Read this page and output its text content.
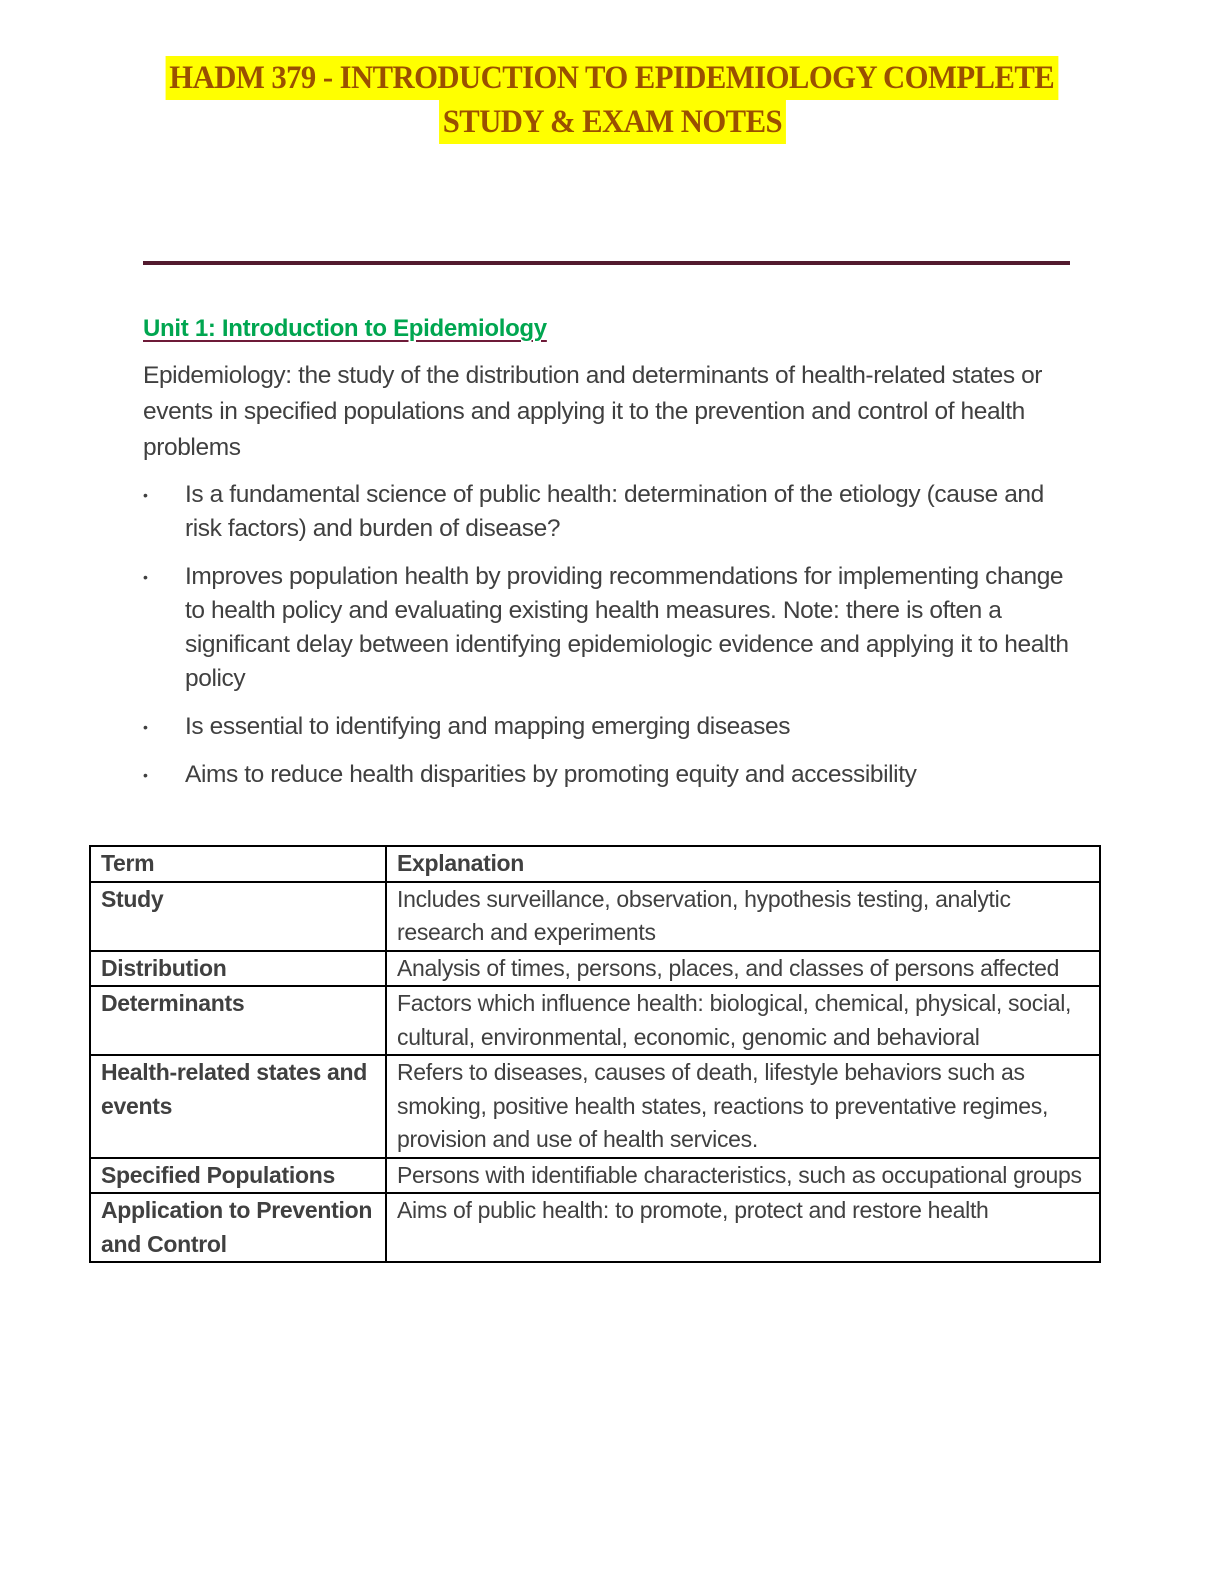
HADM 379 - INTRODUCTION TO EPIDEMIOLOGY COMPLETE
STUDY & EXAM NOTES
Unit 1: Introduction to Epidemiology
Epidemiology: the study of the distribution and determinants of health-related states or events in specified populations and applying it to the prevention and control of health problems
• Is a fundamental science of public health: determination of the etiology (cause and risk factors) and burden of disease?
• Improves population health by providing recommendations for implementing change to health policy and evaluating existing health measures. Note: there is often a significant delay between identifying epidemiologic evidence and applying it to health policy
• Is essential to identifying and mapping emerging diseases
• Aims to reduce health disparities by promoting equity and accessibility
Term	Explanation
Study	Includes surveillance, observation, hypothesis testing, analytic research and experiments
Distribution	Analysis of times, persons, places, and classes of persons affected
Determinants	Factors which influence health: biological, chemical, physical, social, cultural, environmental, economic, genomic and behavioral
Health-related states and events	Refers to diseases, causes of death, lifestyle behaviors such as smoking, positive health states, reactions to preventative regimes, provision and use of health services.
Specified Populations	Persons with identifiable characteristics, such as occupational groups
Application to Prevention and Control	Aims of public health: to promote, protect and restore health
